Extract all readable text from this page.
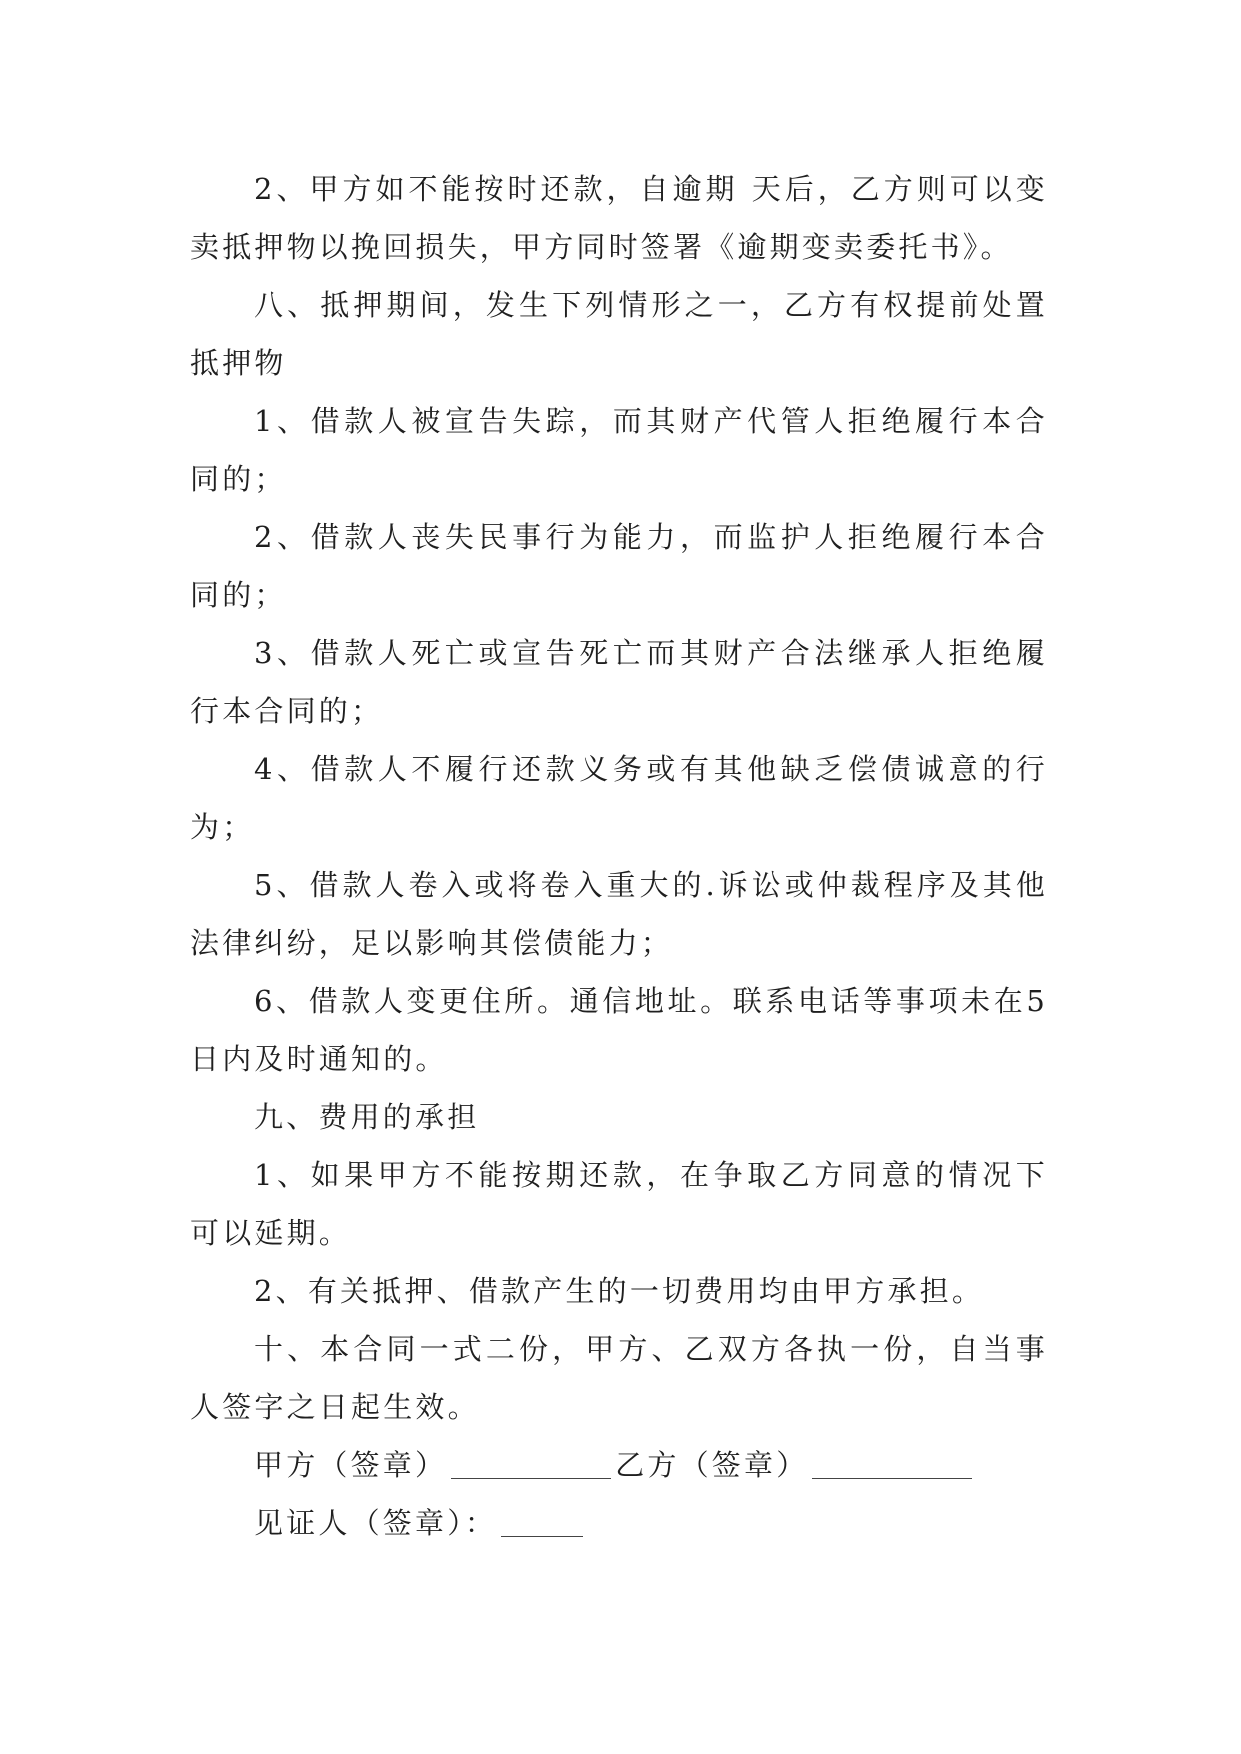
2、甲方如不能按时还款，自逾期 天后，乙方则可以变卖抵押物以挽回损失，甲方同时签署《逾期变卖委托书》。

八、抵押期间，发生下列情形之一，乙方有权提前处置抵押物

1、借款人被宣告失踪，而其财产代管人拒绝履行本合同的；

2、借款人丧失民事行为能力，而监护人拒绝履行本合同的；

3、借款人死亡或宣告死亡而其财产合法继承人拒绝履行本合同的；

4、借款人不履行还款义务或有其他缺乏偿债诚意的行为；

5、借款人卷入或将卷入重大的.诉讼或仲裁程序及其他法律纠纷，足以影响其偿债能力；

6、借款人变更住所。通信地址。联系电话等事项未在5日内及时通知的。

九、费用的承担

1、如果甲方不能按期还款，在争取乙方同意的情况下可以延期。

2、有关抵押、借款产生的一切费用均由甲方承担。

十、本合同一式二份，甲方、乙双方各执一份，自当事人签字之日起生效。

甲方（签章）	乙方（签章）

见证人（签章）：
